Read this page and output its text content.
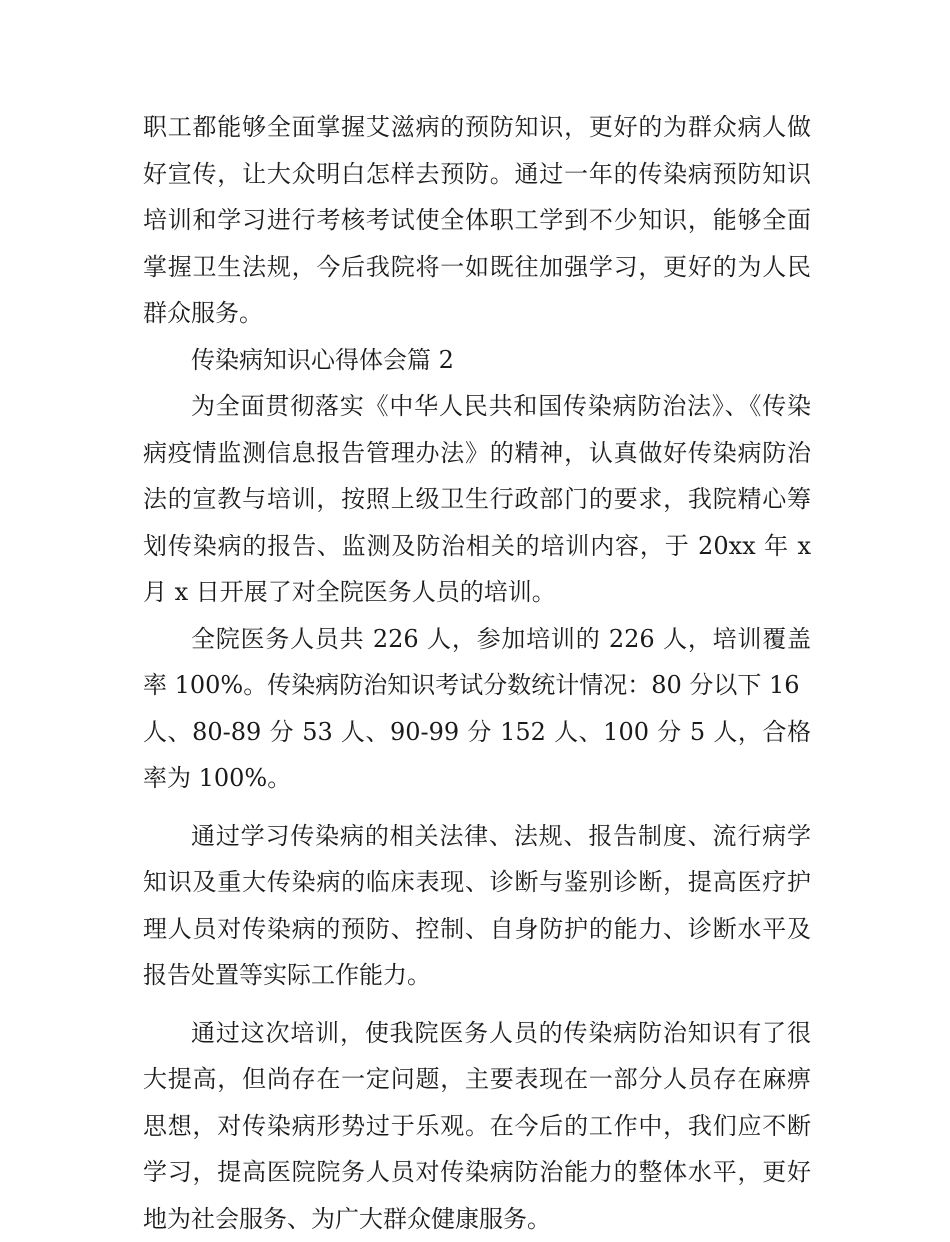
职工都能够全面掌握艾滋病的预防知识，更好的为群众病人做好宣传，让大众明白怎样去预防。通过一年的传染病预防知识培训和学习进行考核考试使全体职工学到不少知识，能够全面掌握卫生法规，今后我院将一如既往加强学习，更好的为人民群众服务。

传染病知识心得体会篇 2

为全面贯彻落实《中华人民共和国传染病防治法》、《传染病疫情监测信息报告管理办法》的精神，认真做好传染病防治法的宣教与培训，按照上级卫生行政部门的要求，我院精心筹划传染病的报告、监测及防治相关的培训内容，于 20xx 年 x 月 x 日开展了对全院医务人员的培训。

全院医务人员共 226 人，参加培训的 226 人，培训覆盖率 100%。传染病防治知识考试分数统计情况：80 分以下 16
人、80-89 分 53 人、90-99 分 152 人、100 分 5 人，合格率为 100%。

通过学习传染病的相关法律、法规、报告制度、流行病学知识及重大传染病的临床表现、诊断与鉴别诊断，提高医疗护理人员对传染病的预防、控制、自身防护的能力、诊断水平及报告处置等实际工作能力。

通过这次培训，使我院医务人员的传染病防治知识有了很大提高，但尚存在一定问题，主要表现在一部分人员存在麻痹思想，对传染病形势过于乐观。在今后的工作中，我们应不断学习，提高医院院务人员对传染病防治能力的整体水平，更好地为社会服务、为广大群众健康服务。
